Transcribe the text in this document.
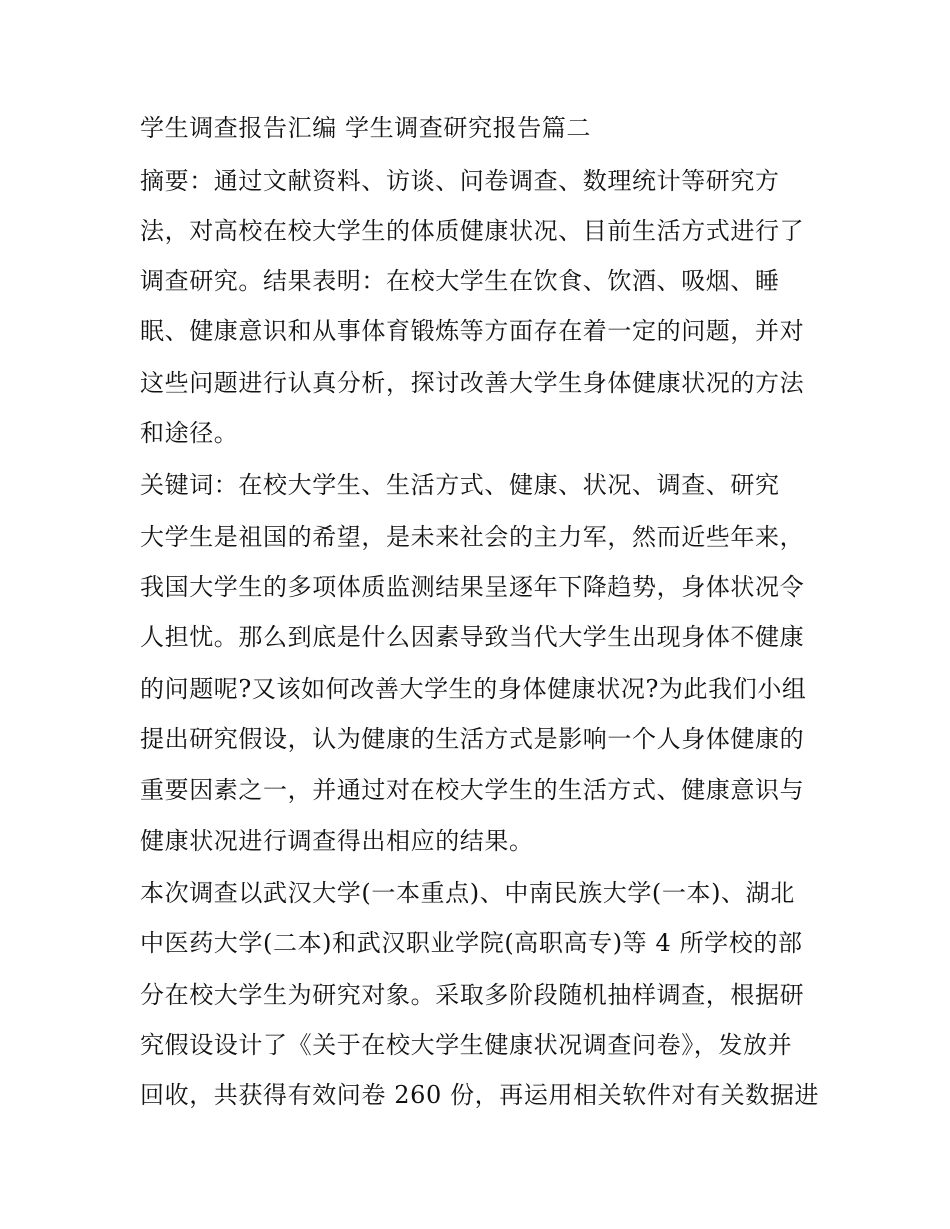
学生调查报告汇编 学生调查研究报告篇二

摘要：通过文献资料、访谈、问卷调查、数理统计等研究方

法，对高校在校大学生的体质健康状况、目前生活方式进行了

调查研究。结果表明：在校大学生在饮食、饮酒、吸烟、睡

眠、健康意识和从事体育锻炼等方面存在着一定的问题，并对

这些问题进行认真分析，探讨改善大学生身体健康状况的方法

和途径。

关键词：在校大学生、生活方式、健康、状况、调查、研究

大学生是祖国的希望，是未来社会的主力军，然而近些年来，

我国大学生的多项体质监测结果呈逐年下降趋势，身体状况令

人担忧。那么到底是什么因素导致当代大学生出现身体不健康

的问题呢?又该如何改善大学生的身体健康状况?为此我们小组

提出研究假设，认为健康的生活方式是影响一个人身体健康的

重要因素之一，并通过对在校大学生的生活方式、健康意识与

健康状况进行调查得出相应的结果。

本次调查以武汉大学(一本重点)、中南民族大学(一本)、湖北

中医药大学(二本)和武汉职业学院(高职高专)等 4 所学校的部

分在校大学生为研究对象。采取多阶段随机抽样调查，根据研

究假设设计了《关于在校大学生健康状况调查问卷》，发放并

回收，共获得有效问卷 260 份，再运用相关软件对有关数据进
